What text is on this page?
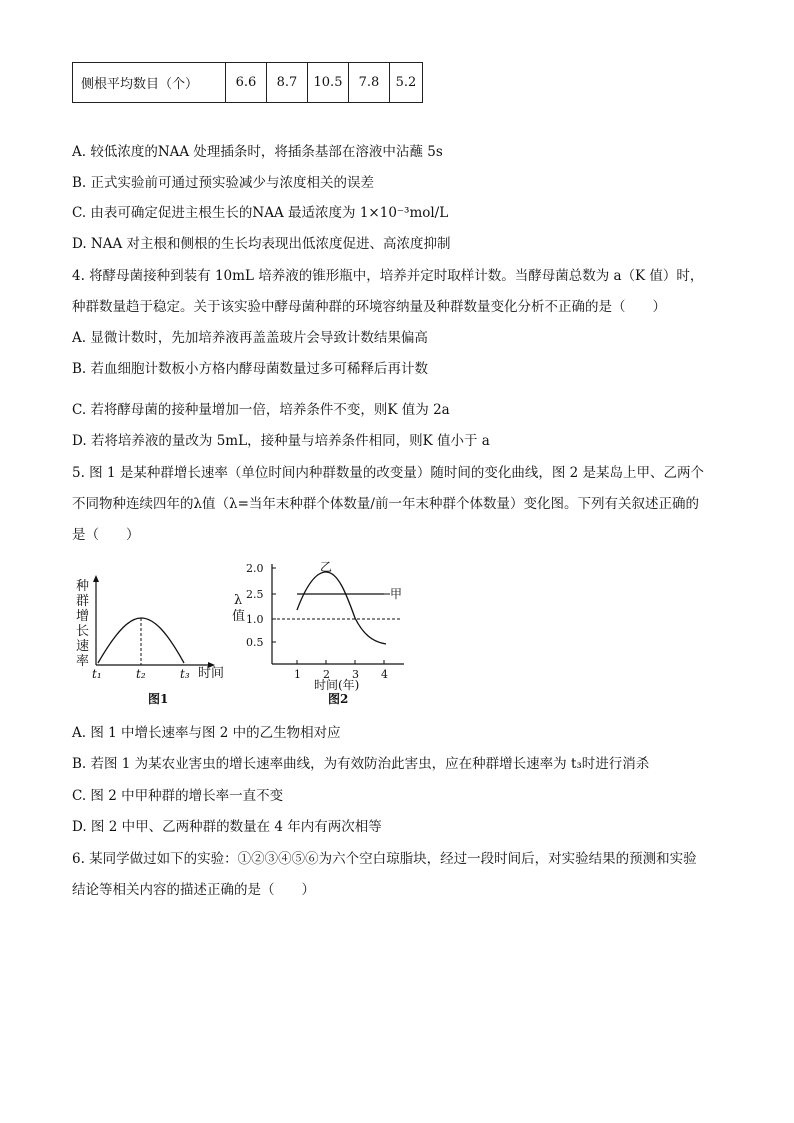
侧根平均数目（个）	6.6	8.7	10.5	7.8	5.2
A. 较低浓度的NAA 处理插条时，将插条基部在溶液中沾蘸 5s
B. 正式实验前可通过预实验减少与浓度相关的误差
C. 由表可确定促进主根生长的NAA 最适浓度为 1×10⁻³mol/L
D. NAA 对主根和侧根的生长均表现出低浓度促进、高浓度抑制
4. 将酵母菌接种到装有 10mL 培养液的锥形瓶中，培养并定时取样计数。当酵母菌总数为 a（K 值）时，
种群数量趋于稳定。关于该实验中酵母菌种群的环境容纳量及种群数量变化分析不正确的是（　　）
A. 显微计数时，先加培养液再盖盖玻片会导致计数结果偏高
B. 若血细胞计数板小方格内酵母菌数量过多可稀释后再计数
C. 若将酵母菌的接种量增加一倍，培养条件不变，则K 值为 2a
D. 若将培养液的量改为 5mL，接种量与培养条件相同，则K 值小于 a
5. 图 1 是某种群增长速率（单位时间内种群数量的改变量）随时间的变化曲线，图 2 是某岛上甲、乙两个
不同物种连续四年的λ值（λ=当年末种群个体数量/前一年末种群个体数量）变化图。下列有关叙述正确的
是（　　）
种群增长速率
t₁	t₂	t₃ 时间
图1
λ
值
2.0
2.5
1.0
0.5
1 2 3 4
时间(年)
甲
乙
图2
A. 图 1 中增长速率与图 2 中的乙生物相对应
B. 若图 1 为某农业害虫的增长速率曲线，为有效防治此害虫，应在种群增长速率为 t₃时进行消杀
C. 图 2 中甲种群的增长率一直不变
D. 图 2 中甲、乙两种群的数量在 4 年内有两次相等
6. 某同学做过如下的实验：①②③④⑤⑥为六个空白琼脂块，经过一段时间后，对实验结果的预测和实验
结论等相关内容的描述正确的是（　　）
